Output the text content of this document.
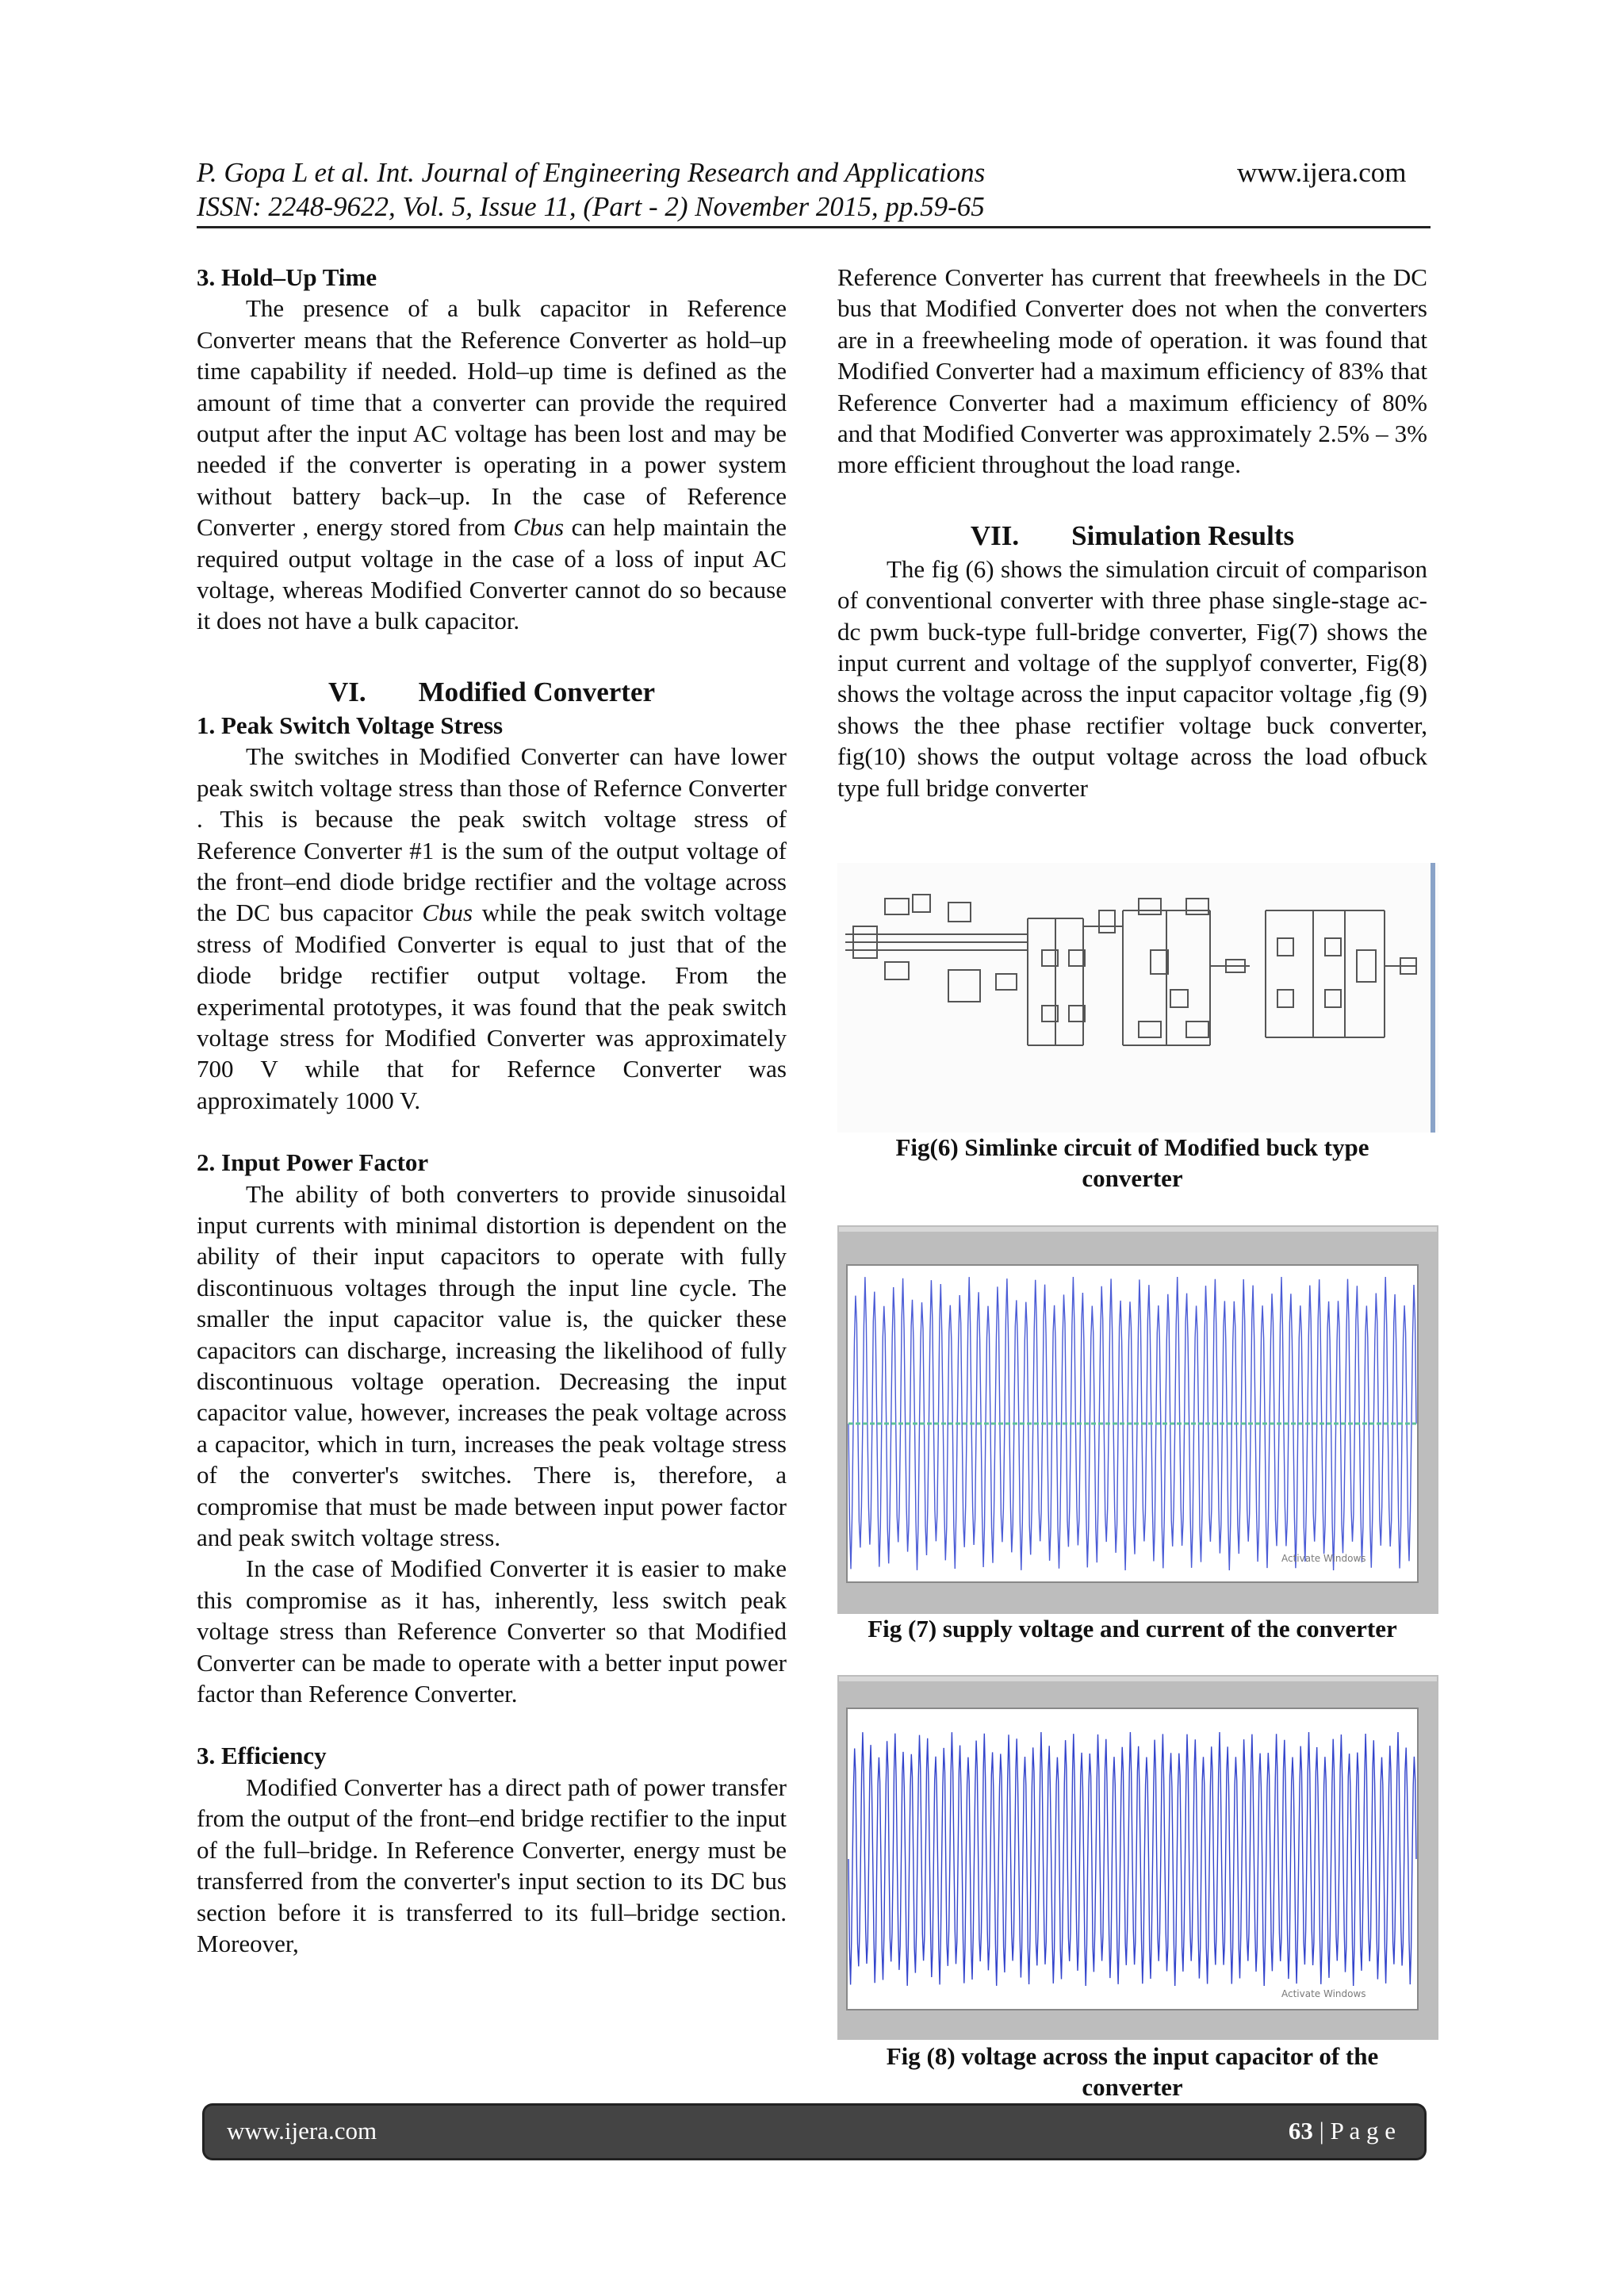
P. Gopa L et al. Int. Journal of Engineering Research and Applications	www.ijera.com
ISSN: 2248-9622, Vol. 5, Issue 11, (Part - 2) November 2015, pp.59-65

3. Hold–Up Time

The presence of a bulk capacitor in Reference Converter means that the Reference Converter as hold–up time capability if needed. Hold–up time is defined as the amount of time that a converter can provide the required output after the input AC voltage has been lost and may be needed if the converter is operating in a power system without battery back–up. In the case of Reference Converter , energy stored from Cbus can help maintain the required output voltage in the case of a loss of input AC voltage, whereas Modified Converter cannot do so because it does not have a bulk capacitor.

VI. Modified Converter

1. Peak Switch Voltage Stress

The switches in Modified Converter can have lower peak switch voltage stress than those of Refernce Converter . This is because the peak switch voltage stress of Reference Converter #1 is the sum of the output voltage of the front–end diode bridge rectifier and the voltage across the DC bus capacitor Cbus while the peak switch voltage stress of Modified Converter is equal to just that of the diode bridge rectifier output voltage. From the experimental prototypes, it was found that the peak switch voltage stress for Modified Converter was approximately 700 V while that for Refernce Converter was approximately 1000 V.

2. Input Power Factor

The ability of both converters to provide sinusoidal input currents with minimal distortion is dependent on the ability of their input capacitors to operate with fully discontinuous voltages through the input line cycle. The smaller the input capacitor value is, the quicker these capacitors can discharge, increasing the likelihood of fully discontinuous voltage operation. Decreasing the input capacitor value, however, increases the peak voltage across a capacitor, which in turn, increases the peak voltage stress of the converter's switches. There is, therefore, a compromise that must be made between input power factor and peak switch voltage stress.

In the case of Modified Converter it is easier to make this compromise as it has, inherently, less switch peak voltage stress than Reference Converter so that Modified Converter can be made to operate with a better input power factor than Reference Converter.

3. Efficiency

Modified Converter has a direct path of power transfer from the output of the front–end bridge rectifier to the input of the full–bridge. In Reference Converter, energy must be transferred from the converter's input section to its DC bus section before it is transferred to its full–bridge section. Moreover,

Reference Converter has current that freewheels in the DC bus that Modified Converter does not when the converters are in a freewheeling mode of operation. it was found that Modified Converter had a maximum efficiency of 83% that Reference Converter had a maximum efficiency of 80% and that Modified Converter was approximately 2.5% – 3% more efficient throughout the load range.

VII. Simulation Results

The fig (6) shows the simulation circuit of comparison of conventional converter with three phase single-stage ac-dc pwm buck-type full-bridge converter, Fig(7) shows the input current and voltage of the supplyof converter, Fig(8) shows the voltage across the input capacitor voltage ,fig (9) shows the thee phase rectifier voltage buck converter, fig(10) shows the output voltage across the load ofbuck type full bridge converter

Fig(6) Simlinke circuit of Modified buck type
converter
Activate Windows
Fig (7) supply voltage and current of the converter
Activate Windows
Fig (8) voltage across the input capacitor of the
converter
www.ijera.com	63 | P a g e
